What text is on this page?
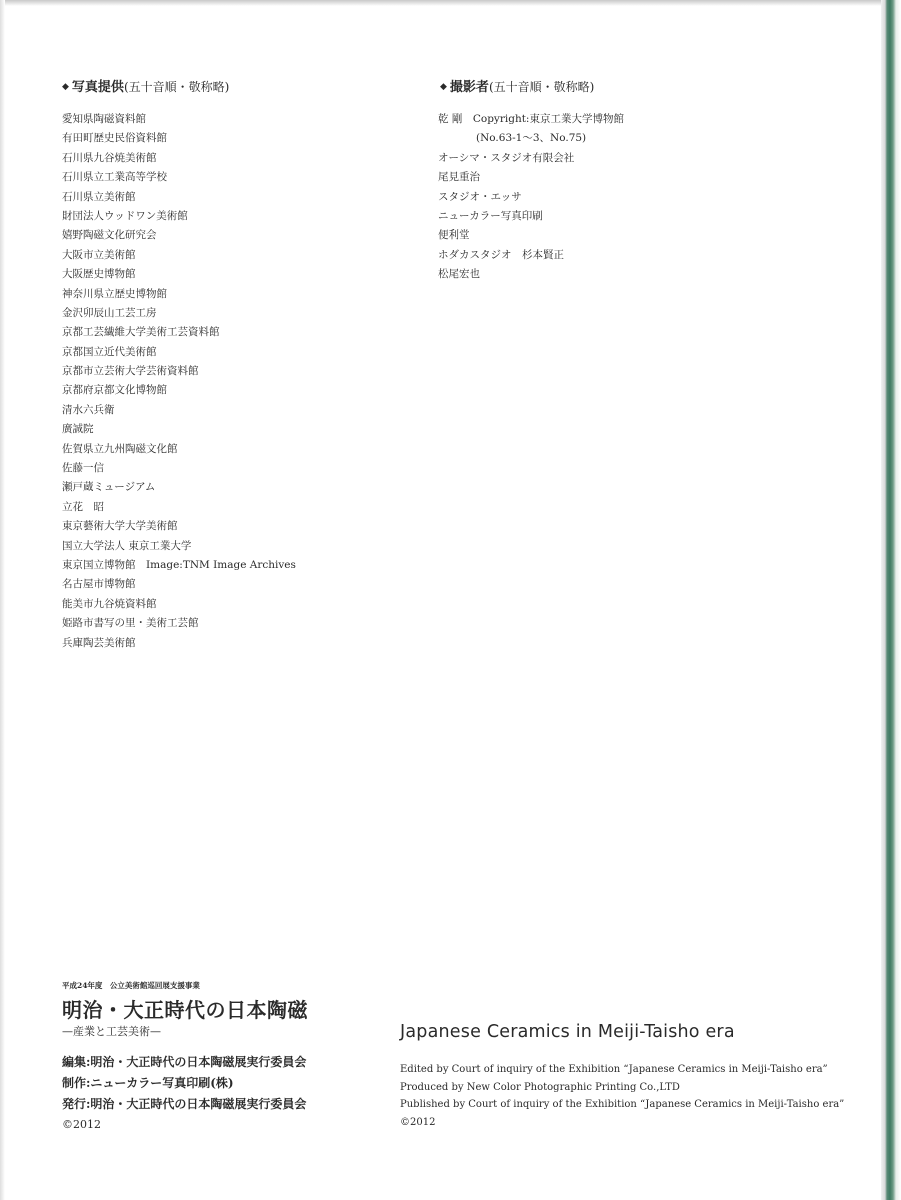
◆ 写真提供(五十音順・敬称略)
愛知県陶磁資料館
有田町歴史民俗資料館
石川県九谷焼美術館
石川県立工業高等学校
石川県立美術館
財団法人ウッドワン美術館
嬉野陶磁文化研究会
大阪市立美術館
大阪歴史博物館
神奈川県立歴史博物館
金沢卯辰山工芸工房
京都工芸繊維大学美術工芸資料館
京都国立近代美術館
京都市立芸術大学芸術資料館
京都府京都文化博物館
清水六兵衛
廣誠院
佐賀県立九州陶磁文化館
佐藤一信
瀬戸蔵ミュージアム
立花　昭
東京藝術大学大学美術館
国立大学法人 東京工業大学
東京国立博物館　Image:TNM Image Archives
名古屋市博物館
能美市九谷焼資料館
姫路市書写の里・美術工芸館
兵庫陶芸美術館
◆ 撮影者(五十音順・敬称略)
乾 剛　Copyright:東京工業大学博物館
(No.63-1～3、No.75)
オーシマ・スタジオ有限会社
尾見重治
スタジオ・エッサ
ニューカラー写真印刷
便利堂
ホダカスタジオ　杉本賢正
松尾宏也
平成24年度　公立美術館巡回展支援事業
明治・大正時代の日本陶磁
—産業と工芸美術—
編集:明治・大正時代の日本陶磁展実行委員会
制作:ニューカラー写真印刷(株)
発行:明治・大正時代の日本陶磁展実行委員会
©2012
Japanese Ceramics in Meiji-Taisho era
Edited by Court of inquiry of the Exhibition “Japanese Ceramics in Meiji-Taisho era”
Produced by New Color Photographic Printing Co.,LTD
Published by Court of inquiry of the Exhibition “Japanese Ceramics in Meiji-Taisho era”
©2012
